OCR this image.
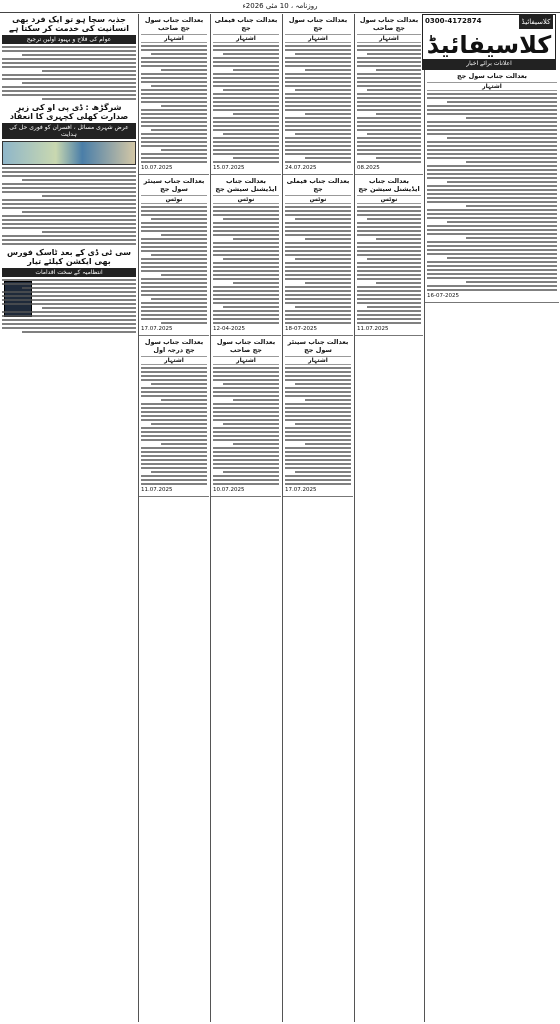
روزنامہ ، 10 مئی 2026ء
0300-4172874	کلاسیفائیڈ
کلاسیفائیڈ
اعلانات برائے اخبار
جذبہ سچا ہو تو ایک فرد بھی انسانیت کی خدمت کر سکتا ہے
عوام کی فلاح و بہبود اولین ترجیح
شرگڑھ : ڈی پی او کی زیرِ صدارت کھلی کچہری کا انعقاد
عرض شہری مسائل ، افسران کو فوری حل کی ہدایت
سی ٹی ڈی کے بعد ٹاسک فورس بھی ایکشن کیلئے تیار
انتظامیہ کے سخت اقدامات
بعدالت جناب سول جج صاحب
اشتہار
10.07.2025
بعدالت جناب سینئر سول جج
نوٹس
17.07.2025
بعدالت جناب سول جج درجہ اول
اشتہار
11.07.2025
بعدالت جناب فیملی جج
اشتہار
15.07.2025
بعدالت جناب ایڈیشنل سیشن جج
نوٹس
12-04-2025
بعدالت جناب سول جج صاحب
اشتہار
10.07.2025
بعدالت جناب سول جج
اشتہار
24.07.2025
بعدالت جناب فیملی جج
نوٹس
18-07-2025
بعدالت جناب سینئر سول جج
اشتہار
17.07.2025
بعدالت جناب سول جج صاحب
اشتہار
08.2025
بعدالت جناب ایڈیشنل سیشن جج
نوٹس
11.07.2025
بعدالت جناب سول جج
اشتہار
16-07-2025
